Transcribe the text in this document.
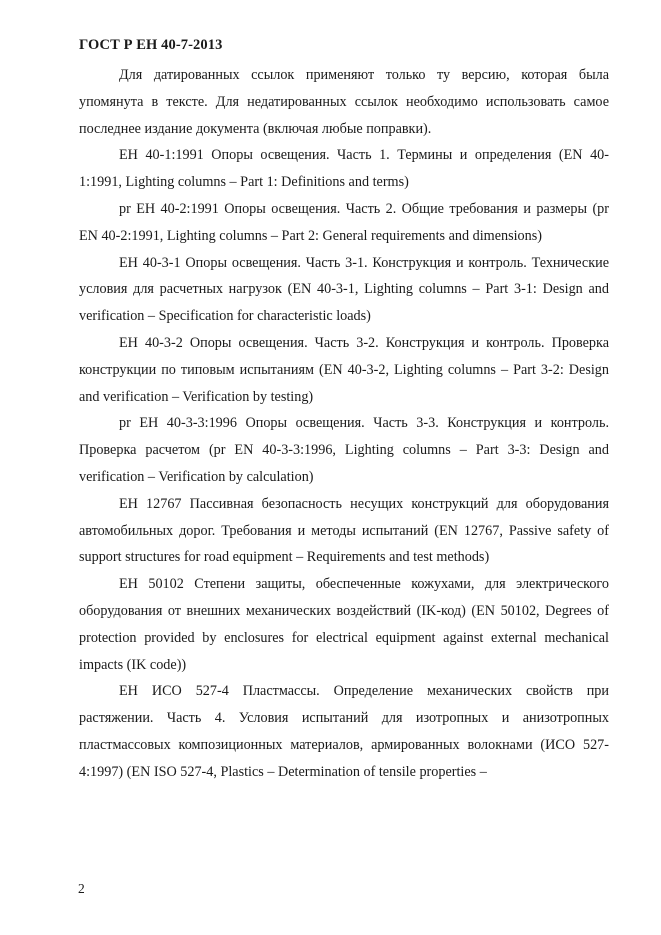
ГОСТ Р ЕН 40-7-2013

Для датированных ссылок применяют только ту версию, которая была упомянута в тексте. Для недатированных ссылок необходимо использовать самое последнее издание документа (включая любые поправки).

ЕН 40-1:1991 Опоры освещения. Часть 1. Термины и определения (EN 40-1:1991, Lighting columns – Part 1: Definitions and terms)

pr ЕН 40-2:1991 Опоры освещения. Часть 2. Общие требования и размеры (pr EN 40-2:1991, Lighting columns – Part 2: General requirements and dimensions)

ЕН 40-3-1 Опоры освещения. Часть 3-1. Конструкция и контроль. Технические условия для расчетных нагрузок (EN 40-3-1, Lighting columns – Part 3-1: Design and verification – Specification for characteristic loads)

ЕН 40-3-2 Опоры освещения. Часть 3-2. Конструкция и контроль. Проверка конструкции по типовым испытаниям (EN 40-3-2, Lighting columns – Part 3-2: Design and verification – Verification by testing)

pr ЕН 40-3-3:1996 Опоры освещения. Часть 3-3. Конструкция и контроль. Проверка расчетом (pr EN 40-3-3:1996, Lighting columns – Part 3-3: Design and verification – Verification by calculation)

ЕН 12767 Пассивная безопасность несущих конструкций для оборудования автомобильных дорог. Требования и методы испытаний (EN 12767, Passive safety of support structures for road equipment – Requirements and test methods)

ЕН 50102 Степени защиты, обеспеченные кожухами, для электрического оборудования от внешних механических воздействий (IK-код) (EN 50102, Degrees of protection provided by enclosures for electrical equipment against external mechanical impacts (IK code))

ЕН ИСО 527-4 Пластмассы. Определение механических свойств при растяжении. Часть 4. Условия испытаний для изотропных и анизотропных пластмассовых композиционных материалов, армированных волокнами (ИСО 527-4:1997) (EN ISO 527-4, Plastics – Determination of tensile properties –

2
